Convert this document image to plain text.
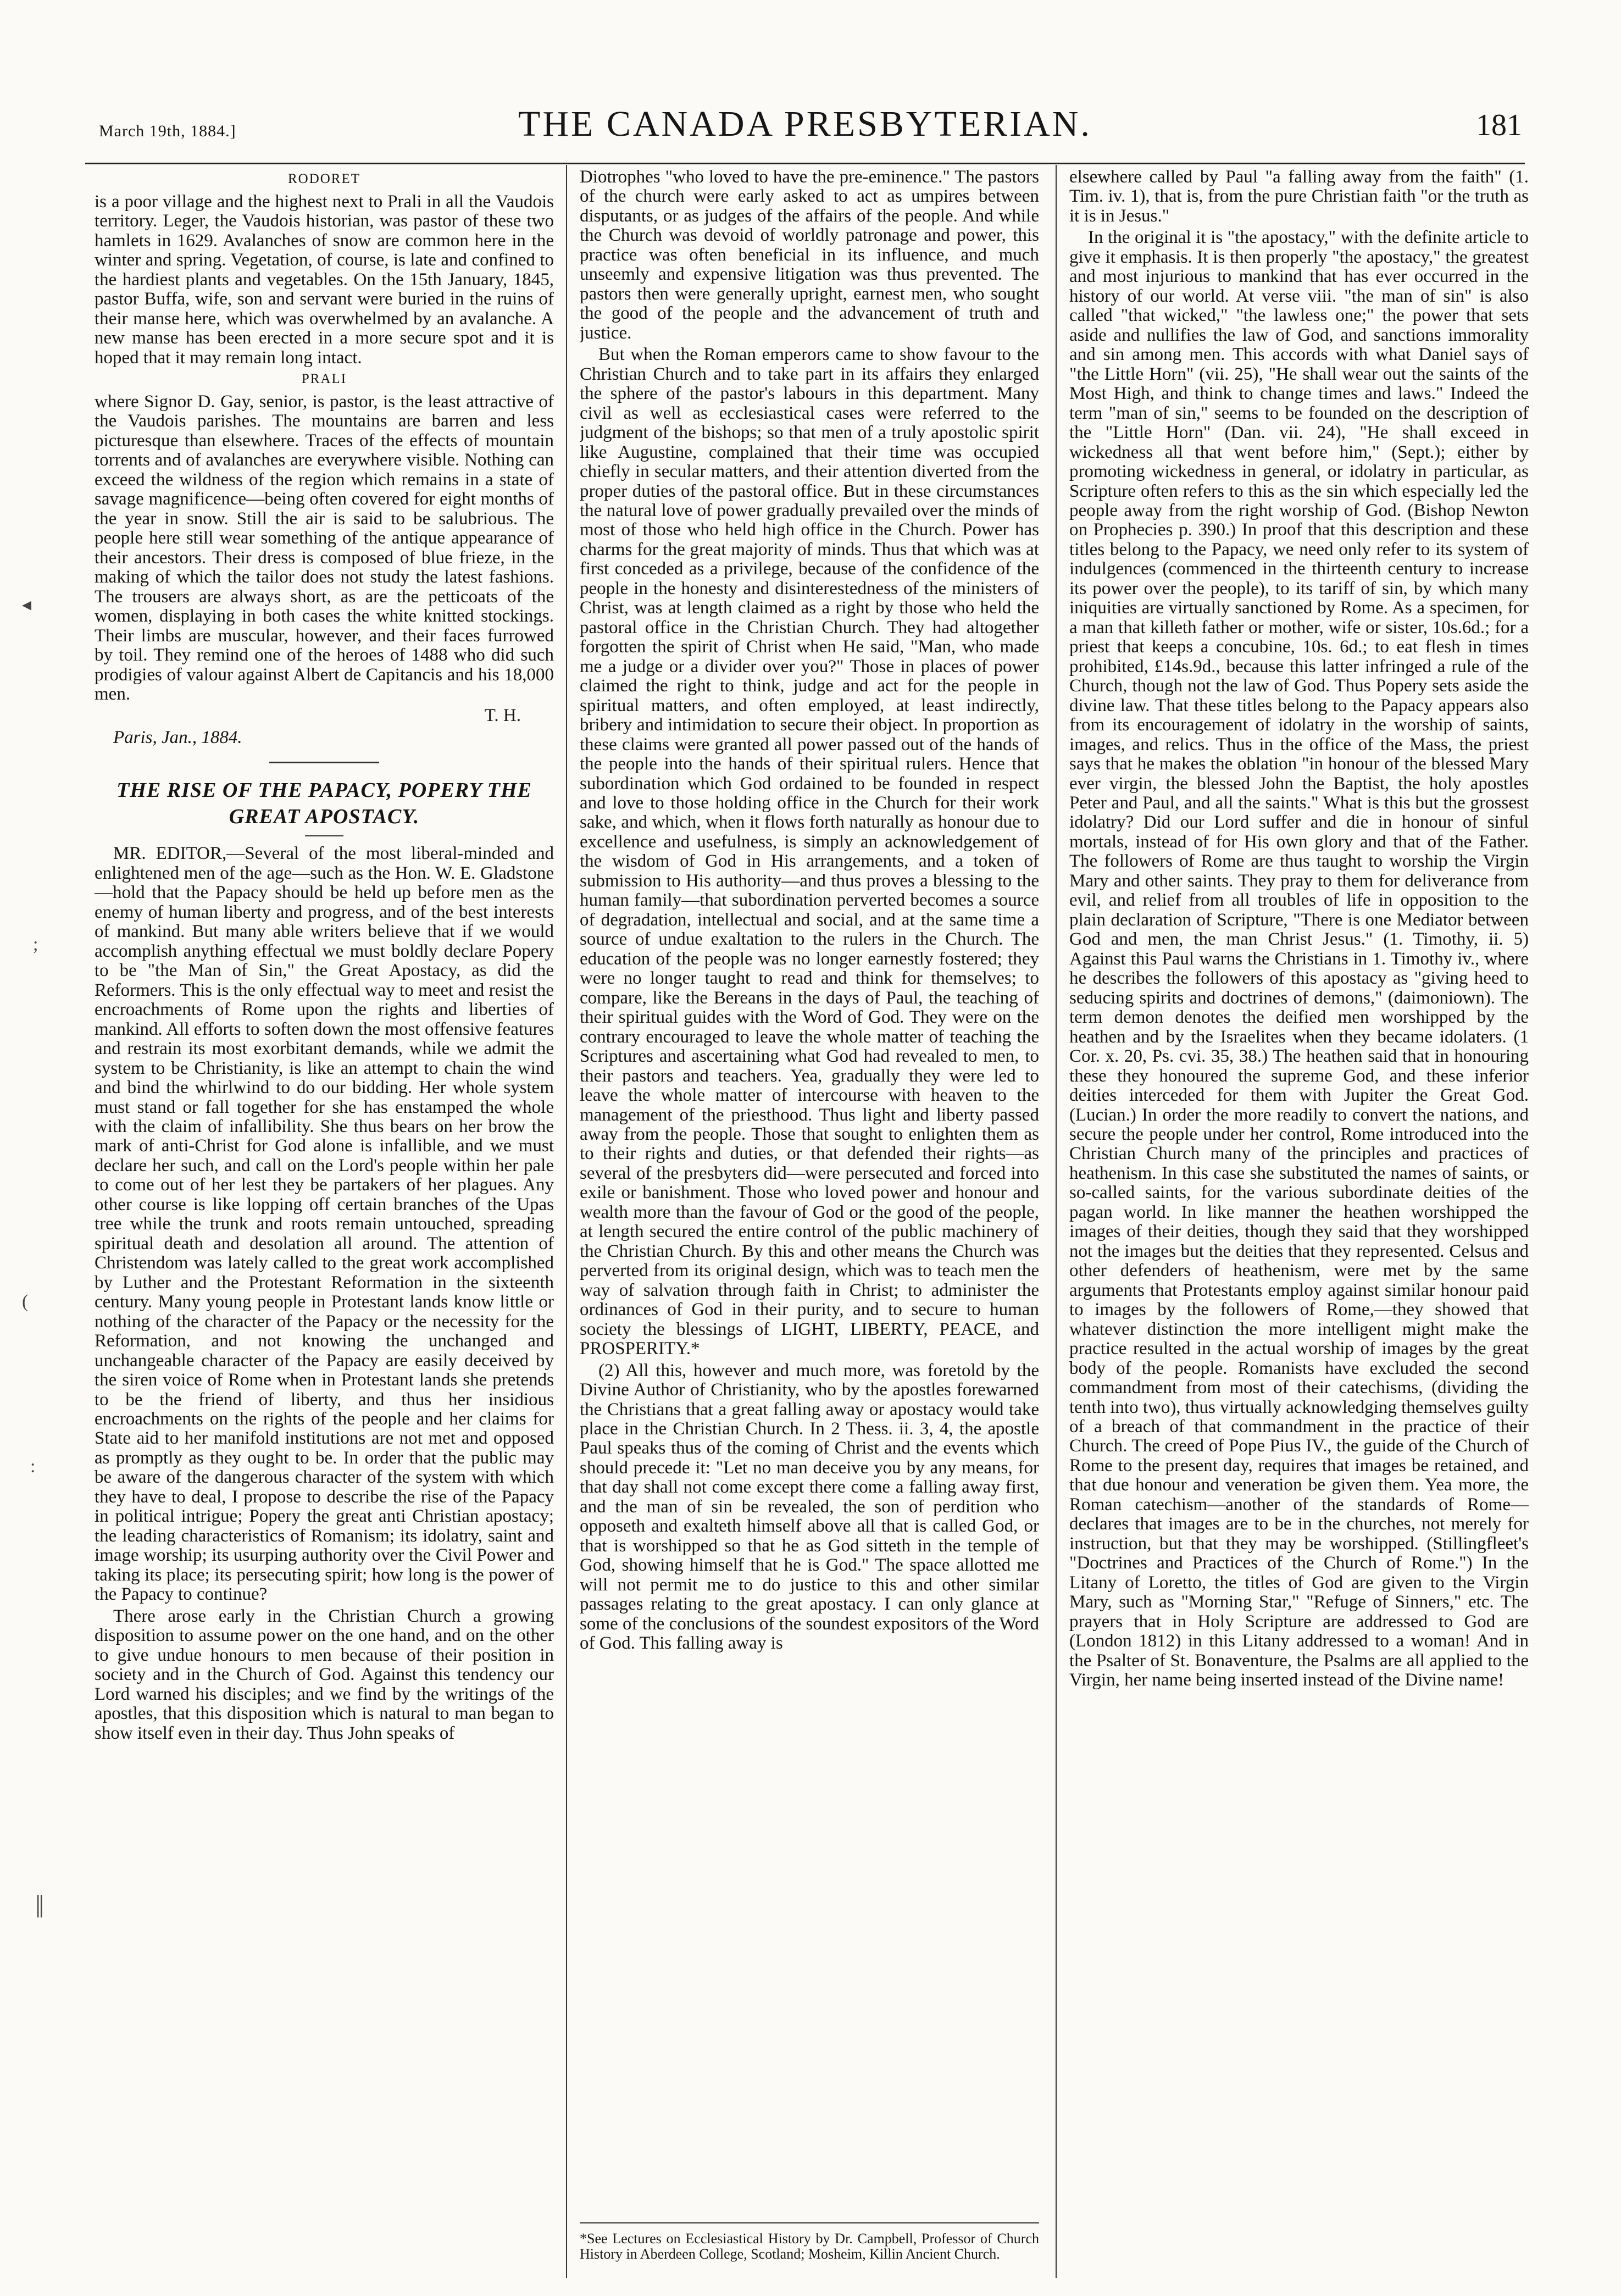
March 19th, 1884.]	THE CANADA PRESBYTERIAN.	181
◂
;
(
:
║

RODORET

is a poor village and the highest next to Prali in all the Vaudois territory. Leger, the Vaudois historian, was pastor of these two hamlets in 1629. Avalanches of snow are common here in the winter and spring. Vegetation, of course, is late and confined to the hardiest plants and vegetables. On the 15th January, 1845, pastor Buffa, wife, son and servant were buried in the ruins of their manse here, which was overwhelmed by an avalanche. A new manse has been erected in a more secure spot and it is hoped that it may remain long intact.

PRALI

where Signor D. Gay, senior, is pastor, is the least attractive of the Vaudois parishes. The mountains are barren and less picturesque than elsewhere. Traces of the effects of mountain torrents and of avalanches are everywhere visible. Nothing can exceed the wildness of the region which remains in a state of savage magnificence—being often covered for eight months of the year in snow. Still the air is said to be salubrious. The people here still wear something of the antique appearance of their ancestors. Their dress is composed of blue frieze, in the making of which the tailor does not study the latest fashions. The trousers are always short, as are the petticoats of the women, displaying in both cases the white knitted stockings. Their limbs are muscular, however, and their faces furrowed by toil. They remind one of the heroes of 1488 who did such prodigies of valour against Albert de Capitancis and his 18,000 men.

T. H.

Paris, Jan., 1884.

THE RISE OF THE PAPACY, POPERY THE GREAT APOSTACY.

MR. EDITOR,—Several of the most liberal-minded and enlightened men of the age—such as the Hon. W. E. Gladstone—hold that the Papacy should be held up before men as the enemy of human liberty and progress, and of the best interests of mankind. But many able writers believe that if we would accomplish anything effectual we must boldly declare Popery to be "the Man of Sin," the Great Apostacy, as did the Reformers. This is the only effectual way to meet and resist the encroachments of Rome upon the rights and liberties of mankind. All efforts to soften down the most offensive features and restrain its most exorbitant demands, while we admit the system to be Christianity, is like an attempt to chain the wind and bind the whirlwind to do our bidding. Her whole system must stand or fall together for she has enstamped the whole with the claim of infallibility. She thus bears on her brow the mark of anti-Christ for God alone is infallible, and we must declare her such, and call on the Lord's people within her pale to come out of her lest they be partakers of her plagues. Any other course is like lopping off certain branches of the Upas tree while the trunk and roots remain untouched, spreading spiritual death and desolation all around. The attention of Christendom was lately called to the great work accomplished by Luther and the Protestant Reformation in the sixteenth century. Many young people in Protestant lands know little or nothing of the character of the Papacy or the necessity for the Reformation, and not knowing the unchanged and unchangeable character of the Papacy are easily deceived by the siren voice of Rome when in Protestant lands she pretends to be the friend of liberty, and thus her insidious encroachments on the rights of the people and her claims for State aid to her manifold institutions are not met and opposed as promptly as they ought to be. In order that the public may be aware of the dangerous character of the system with which they have to deal, I propose to describe the rise of the Papacy in political intrigue; Popery the great anti Christian apostacy; the leading characteristics of Romanism; its idolatry, saint and image worship; its usurping authority over the Civil Power and taking its place; its persecuting spirit; how long is the power of the Papacy to continue?

There arose early in the Christian Church a growing disposition to assume power on the one hand, and on the other to give undue honours to men because of their position in society and in the Church of God. Against this tendency our Lord warned his disciples; and we find by the writings of the apostles, that this disposition which is natural to man began to show itself even in their day. Thus John speaks of

Diotrophes "who loved to have the pre-eminence." The pastors of the church were early asked to act as umpires between disputants, or as judges of the affairs of the people. And while the Church was devoid of worldly patronage and power, this practice was often beneficial in its influence, and much unseemly and expensive litigation was thus prevented. The pastors then were generally upright, earnest men, who sought the good of the people and the advancement of truth and justice.

But when the Roman emperors came to show favour to the Christian Church and to take part in its affairs they enlarged the sphere of the pastor's labours in this department. Many civil as well as ecclesiastical cases were referred to the judgment of the bishops; so that men of a truly apostolic spirit like Augustine, complained that their time was occupied chiefly in secular matters, and their attention diverted from the proper duties of the pastoral office. But in these circumstances the natural love of power gradually prevailed over the minds of most of those who held high office in the Church. Power has charms for the great majority of minds. Thus that which was at first conceded as a privilege, because of the confidence of the people in the honesty and disinterestedness of the ministers of Christ, was at length claimed as a right by those who held the pastoral office in the Christian Church. They had altogether forgotten the spirit of Christ when He said, "Man, who made me a judge or a divider over you?" Those in places of power claimed the right to think, judge and act for the people in spiritual matters, and often employed, at least indirectly, bribery and intimidation to secure their object. In proportion as these claims were granted all power passed out of the hands of the people into the hands of their spiritual rulers. Hence that subordination which God ordained to be founded in respect and love to those holding office in the Church for their work sake, and which, when it flows forth naturally as honour due to excellence and usefulness, is simply an acknowledgement of the wisdom of God in His arrangements, and a token of submission to His authority—and thus proves a blessing to the human family—that subordination perverted becomes a source of degradation, intellectual and social, and at the same time a source of undue exaltation to the rulers in the Church. The education of the people was no longer earnestly fostered; they were no longer taught to read and think for themselves; to compare, like the Bereans in the days of Paul, the teaching of their spiritual guides with the Word of God. They were on the contrary encouraged to leave the whole matter of teaching the Scriptures and ascertaining what God had revealed to men, to their pastors and teachers. Yea, gradually they were led to leave the whole matter of intercourse with heaven to the management of the priesthood. Thus light and liberty passed away from the people. Those that sought to enlighten them as to their rights and duties, or that defended their rights—as several of the presbyters did—were persecuted and forced into exile or banishment. Those who loved power and honour and wealth more than the favour of God or the good of the people, at length secured the entire control of the public machinery of the Christian Church. By this and other means the Church was perverted from its original design, which was to teach men the way of salvation through faith in Christ; to administer the ordinances of God in their purity, and to secure to human society the blessings of LIGHT, LIBERTY, PEACE, and PROSPERITY.*

(2) All this, however and much more, was foretold by the Divine Author of Christianity, who by the apostles forewarned the Christians that a great falling away or apostacy would take place in the Christian Church. In 2 Thess. ii. 3, 4, the apostle Paul speaks thus of the coming of Christ and the events which should precede it: "Let no man deceive you by any means, for that day shall not come except there come a falling away first, and the man of sin be revealed, the son of perdition who opposeth and exalteth himself above all that is called God, or that is worshipped so that he as God sitteth in the temple of God, showing himself that he is God." The space allotted me will not permit me to do justice to this and other similar passages relating to the great apostacy. I can only glance at some of the conclusions of the soundest expositors of the Word of God. This falling away is

elsewhere called by Paul "a falling away from the faith" (1. Tim. iv. 1), that is, from the pure Christian faith "or the truth as it is in Jesus."

In the original it is "the apostacy," with the definite article to give it emphasis. It is then properly "the apostacy," the greatest and most injurious to mankind that has ever occurred in the history of our world. At verse viii. "the man of sin" is also called "that wicked," "the lawless one;" the power that sets aside and nullifies the law of God, and sanctions immorality and sin among men. This accords with what Daniel says of "the Little Horn" (vii. 25), "He shall wear out the saints of the Most High, and think to change times and laws." Indeed the term "man of sin," seems to be founded on the description of the "Little Horn" (Dan. vii. 24), "He shall exceed in wickedness all that went before him," (Sept.); either by promoting wickedness in general, or idolatry in particular, as Scripture often refers to this as the sin which especially led the people away from the right worship of God. (Bishop Newton on Prophecies p. 390.) In proof that this description and these titles belong to the Papacy, we need only refer to its system of indulgences (commenced in the thirteenth century to increase its power over the people), to its tariff of sin, by which many iniquities are virtually sanctioned by Rome. As a specimen, for a man that killeth father or mother, wife or sister, 10s.6d.; for a priest that keeps a concubine, 10s. 6d.; to eat flesh in times prohibited, £14s.9d., because this latter infringed a rule of the Church, though not the law of God. Thus Popery sets aside the divine law. That these titles belong to the Papacy appears also from its encouragement of idolatry in the worship of saints, images, and relics. Thus in the office of the Mass, the priest says that he makes the oblation "in honour of the blessed Mary ever virgin, the blessed John the Baptist, the holy apostles Peter and Paul, and all the saints." What is this but the grossest idolatry? Did our Lord suffer and die in honour of sinful mortals, instead of for His own glory and that of the Father. The followers of Rome are thus taught to worship the Virgin Mary and other saints. They pray to them for deliverance from evil, and relief from all troubles of life in opposition to the plain declaration of Scripture, "There is one Mediator between God and men, the man Christ Jesus." (1. Timothy, ii. 5) Against this Paul warns the Christians in 1. Timothy iv., where he describes the followers of this apostacy as "giving heed to seducing spirits and doctrines of demons," (daimoniown). The term demon denotes the deified men worshipped by the heathen and by the Israelites when they became idolaters. (1 Cor. x. 20, Ps. cvi. 35, 38.) The heathen said that in honouring these they honoured the supreme God, and these inferior deities interceded for them with Jupiter the Great God. (Lucian.) In order the more readily to convert the nations, and secure the people under her control, Rome introduced into the Christian Church many of the principles and practices of heathenism. In this case she substituted the names of saints, or so-called saints, for the various subordinate deities of the pagan world. In like manner the heathen worshipped the images of their deities, though they said that they worshipped not the images but the deities that they represented. Celsus and other defenders of heathenism, were met by the same arguments that Protestants employ against similar honour paid to images by the followers of Rome,—they showed that whatever distinction the more intelligent might make the practice resulted in the actual worship of images by the great body of the people. Romanists have excluded the second commandment from most of their catechisms, (dividing the tenth into two), thus virtually acknowledging themselves guilty of a breach of that commandment in the practice of their Church. The creed of Pope Pius IV., the guide of the Church of Rome to the present day, requires that images be retained, and that due honour and veneration be given them. Yea more, the Roman catechism—another of the standards of Rome—declares that images are to be in the churches, not merely for instruction, but that they may be worshipped. (Stillingfleet's "Doctrines and Practices of the Church of Rome.") In the Litany of Loretto, the titles of God are given to the Virgin Mary, such as "Morning Star," "Refuge of Sinners," etc. The prayers that in Holy Scripture are addressed to God are (London 1812) in this Litany addressed to a woman! And in the Psalter of St. Bonaventure, the Psalms are all applied to the Virgin, her name being inserted instead of the Divine name!

*See Lectures on Ecclesiastical History by Dr. Campbell, Professor of Church History in Aberdeen College, Scotland; Mosheim, Killin Ancient Church.
